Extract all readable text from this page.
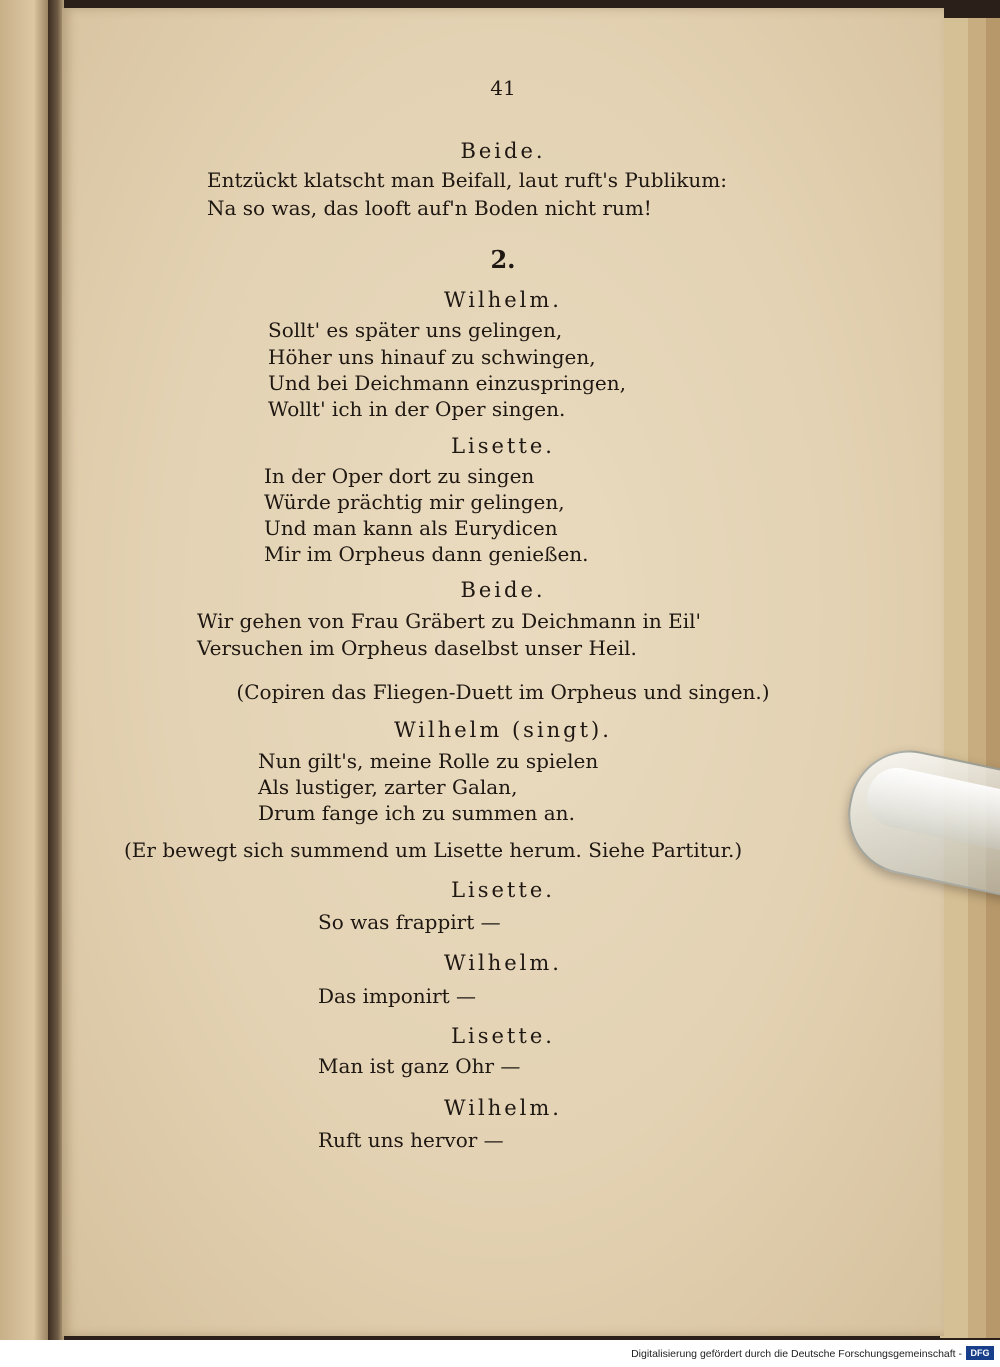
41
Beide.
Entzückt klatscht man Beifall, laut ruft's Publikum:
Na so was, das looft auf'n Boden nicht rum!
2.
Wilhelm.
Sollt' es später uns gelingen,
Höher uns hinauf zu schwingen,
Und bei Deichmann einzuspringen,
Wollt' ich in der Oper singen.
Lisette.
In der Oper dort zu singen
Würde prächtig mir gelingen,
Und man kann als Eurydicen
Mir im Orpheus dann genießen.
Beide.
Wir gehen von Frau Gräbert zu Deichmann in Eil'
Versuchen im Orpheus daselbst unser Heil.
(Copiren das Fliegen-Duett im Orpheus und singen.)
Wilhelm (singt).
Nun gilt's, meine Rolle zu spielen
Als lustiger, zarter Galan,
Drum fange ich zu summen an.
(Er bewegt sich summend um Lisette herum. Siehe Partitur.)
Lisette.
So was frappirt —
Wilhelm.
Das imponirt —
Lisette.
Man ist ganz Ohr —
Wilhelm.
Ruft uns hervor —
Digitalisierung gefördert durch die Deutsche Forschungsgemeinschaft - DFG
